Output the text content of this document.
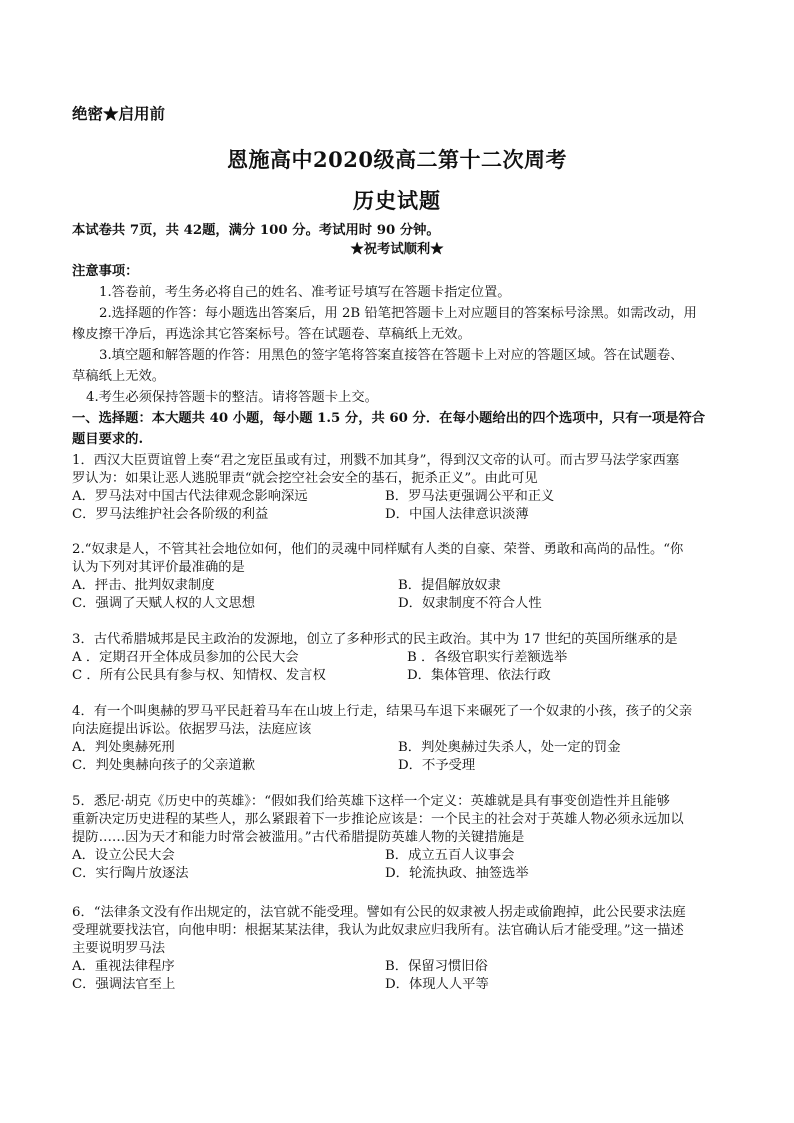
绝密★启用前
恩施高中2020级高二第十二次周考
历史试题
本试卷共 7页，共 42题，满分 100 分。考试用时 90 分钟。
★祝考试顺利★
注意事项：
1.答卷前，考生务必将自己的姓名、准考证号填写在答题卡指定位置。
2.选择题的作答：每小题选出答案后，用 2B 铅笔把答题卡上对应题目的答案标号涂黑。如需改动，用
橡皮擦干净后，再选涂其它答案标号。答在试题卷、草稿纸上无效。
3.填空题和解答题的作答：用黑色的签字笔将答案直接答在答题卡上对应的答题区域。答在试题卷、
草稿纸上无效。
4.考生必须保持答题卡的整洁。请将答题卡上交。
一、选择题：本大题共 40 小题，每小题 1.5 分，共 60 分．在每小题给出的四个选项中，只有一项是符合
题目要求的.
1．西汉大臣贾谊曾上奏“君之宠臣虽或有过，刑戮不加其身”，得到汉文帝的认可。而古罗马法学家西塞
罗认为：如果让恶人逃脱罪责“就会挖空社会安全的基石，扼杀正义”。由此可见
A．罗马法对中国古代法律观念影响深远	B．罗马法更强调公平和正义
C．罗马法维护社会各阶级的利益	D．中国人法律意识淡薄
2.“奴隶是人，不管其社会地位如何，他们的灵魂中同样赋有人类的自豪、荣誉、勇敢和高尚的品性。“你
认为下列对其评价最准确的是
A．抨击、批判奴隶制度	B．提倡解放奴隶
C．强调了天赋人权的人文思想	D．奴隶制度不符合人性
3．古代希腊城邦是民主政治的发源地，创立了多种形式的民主政治。其中为 17 世纪的英国所继承的是
A ．定期召开全体成员参加的公民大会	B ．各级官职实行差额选举
C ．所有公民具有参与权、知情权、发言权	D．集体管理、依法行政
4．有一个叫奥赫的罗马平民赶着马车在山坡上行走，结果马车退下来碾死了一个奴隶的小孩，孩子的父亲
向法庭提出诉讼。依据罗马法，法庭应该
A．判处奥赫死刑	B．判处奥赫过失杀人，处一定的罚金
C．判处奥赫向孩子的父亲道歉	D．不予受理
5．悉尼·胡克《历史中的英雄》：“假如我们给英雄下这样一个定义：英雄就是具有事变创造性并且能够
重新决定历史进程的某些人，那么紧跟着下一步推论应该是：一个民主的社会对于英雄人物必须永远加以
提防……因为天才和能力时常会被滥用。”古代希腊提防英雄人物的关键措施是
A．设立公民大会	B．成立五百人议事会
C．实行陶片放逐法	D．轮流执政、抽签选举
6．“法律条文没有作出规定的，法官就不能受理。譬如有公民的奴隶被人拐走或偷跑掉，此公民要求法庭
受理就要找法官，向他申明：根据某某法律，我认为此奴隶应归我所有。法官确认后才能受理。”这一描述
主要说明罗马法
A．重视法律程序	B．保留习惯旧俗
C．强调法官至上	D．体现人人平等
